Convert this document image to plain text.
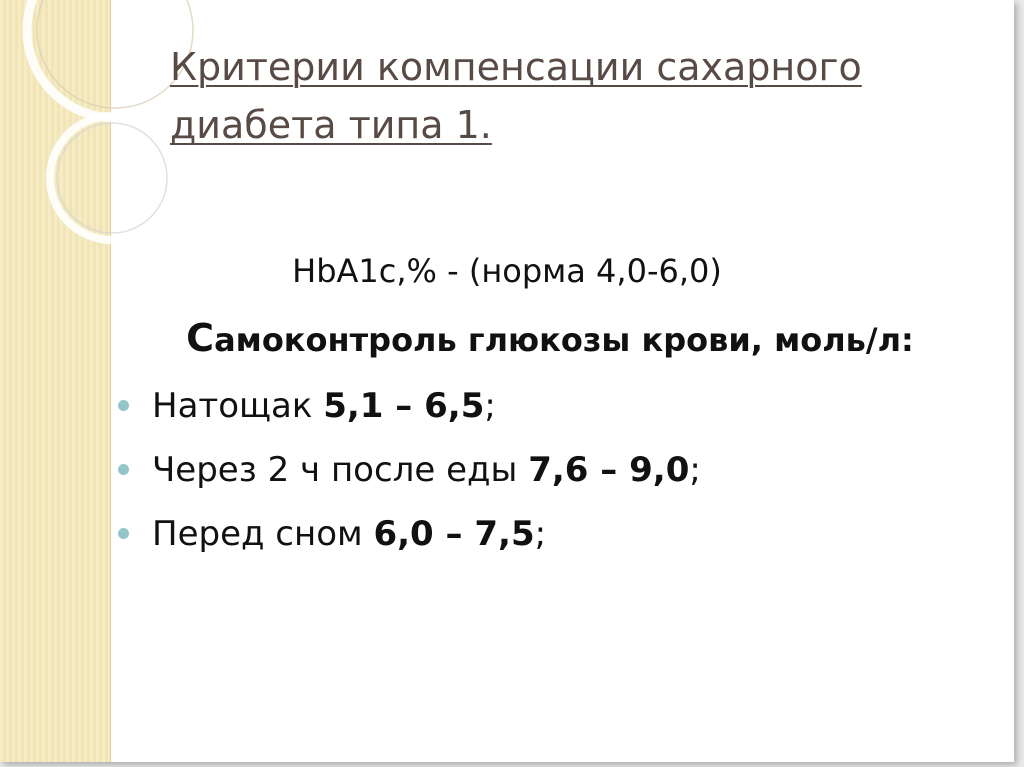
Критерии компенсации сахарного диабета типа 1.
HbA1c,% - (норма 4,0-6,0)
Самоконтроль глюкозы крови, моль/л:
Натощак 5,1 – 6,5;
Через 2 ч после еды 7,6 – 9,0;
Перед сном 6,0 – 7,5;
